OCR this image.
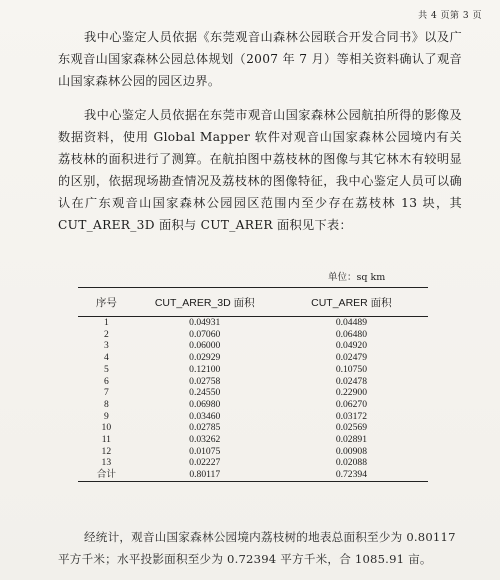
共 4 页第 3 页

我中心鉴定人员依据《东莞观音山森林公园联合开发合同书》以及广东观音山国家森林公园总体规划（2007 年 7 月）等相关资料确认了观音山国家森林公园的园区边界。

我中心鉴定人员依据在东莞市观音山国家森林公园航拍所得的影像及数据资料，使用 Global Mapper 软件对观音山国家森林公园境内有关荔枝林的面积进行了测算。在航拍图中荔枝林的图像与其它林木有较明显的区别，依据现场勘查情况及荔枝林的图像特征，我中心鉴定人员可以确认在广东观音山国家森林公园园区范围内至少存在荔枝林 13 块，其 CUT_ARER_3D 面积与 CUT_ARER 面积见下表：

单位：sq km
序号	CUT_ARER_3D 面积	CUT_ARER 面积
1	0.04931	0.04489
2	0.07060	0.06480
3	0.06000	0.04920
4	0.02929	0.02479
5	0.12100	0.10750
6	0.02758	0.02478
7	0.24550	0.22900
8	0.06980	0.06270
9	0.03460	0.03172
10	0.02785	0.02569
11	0.03262	0.02891
12	0.01075	0.00908
13	0.02227	0.02088
合计	0.80117	0.72394
经统计，观音山国家森林公园境内荔枝树的地表总面积至少为 0.80117 平方千米；水平投影面积至少为 0.72394 平方千米，合 1085.91 亩。
